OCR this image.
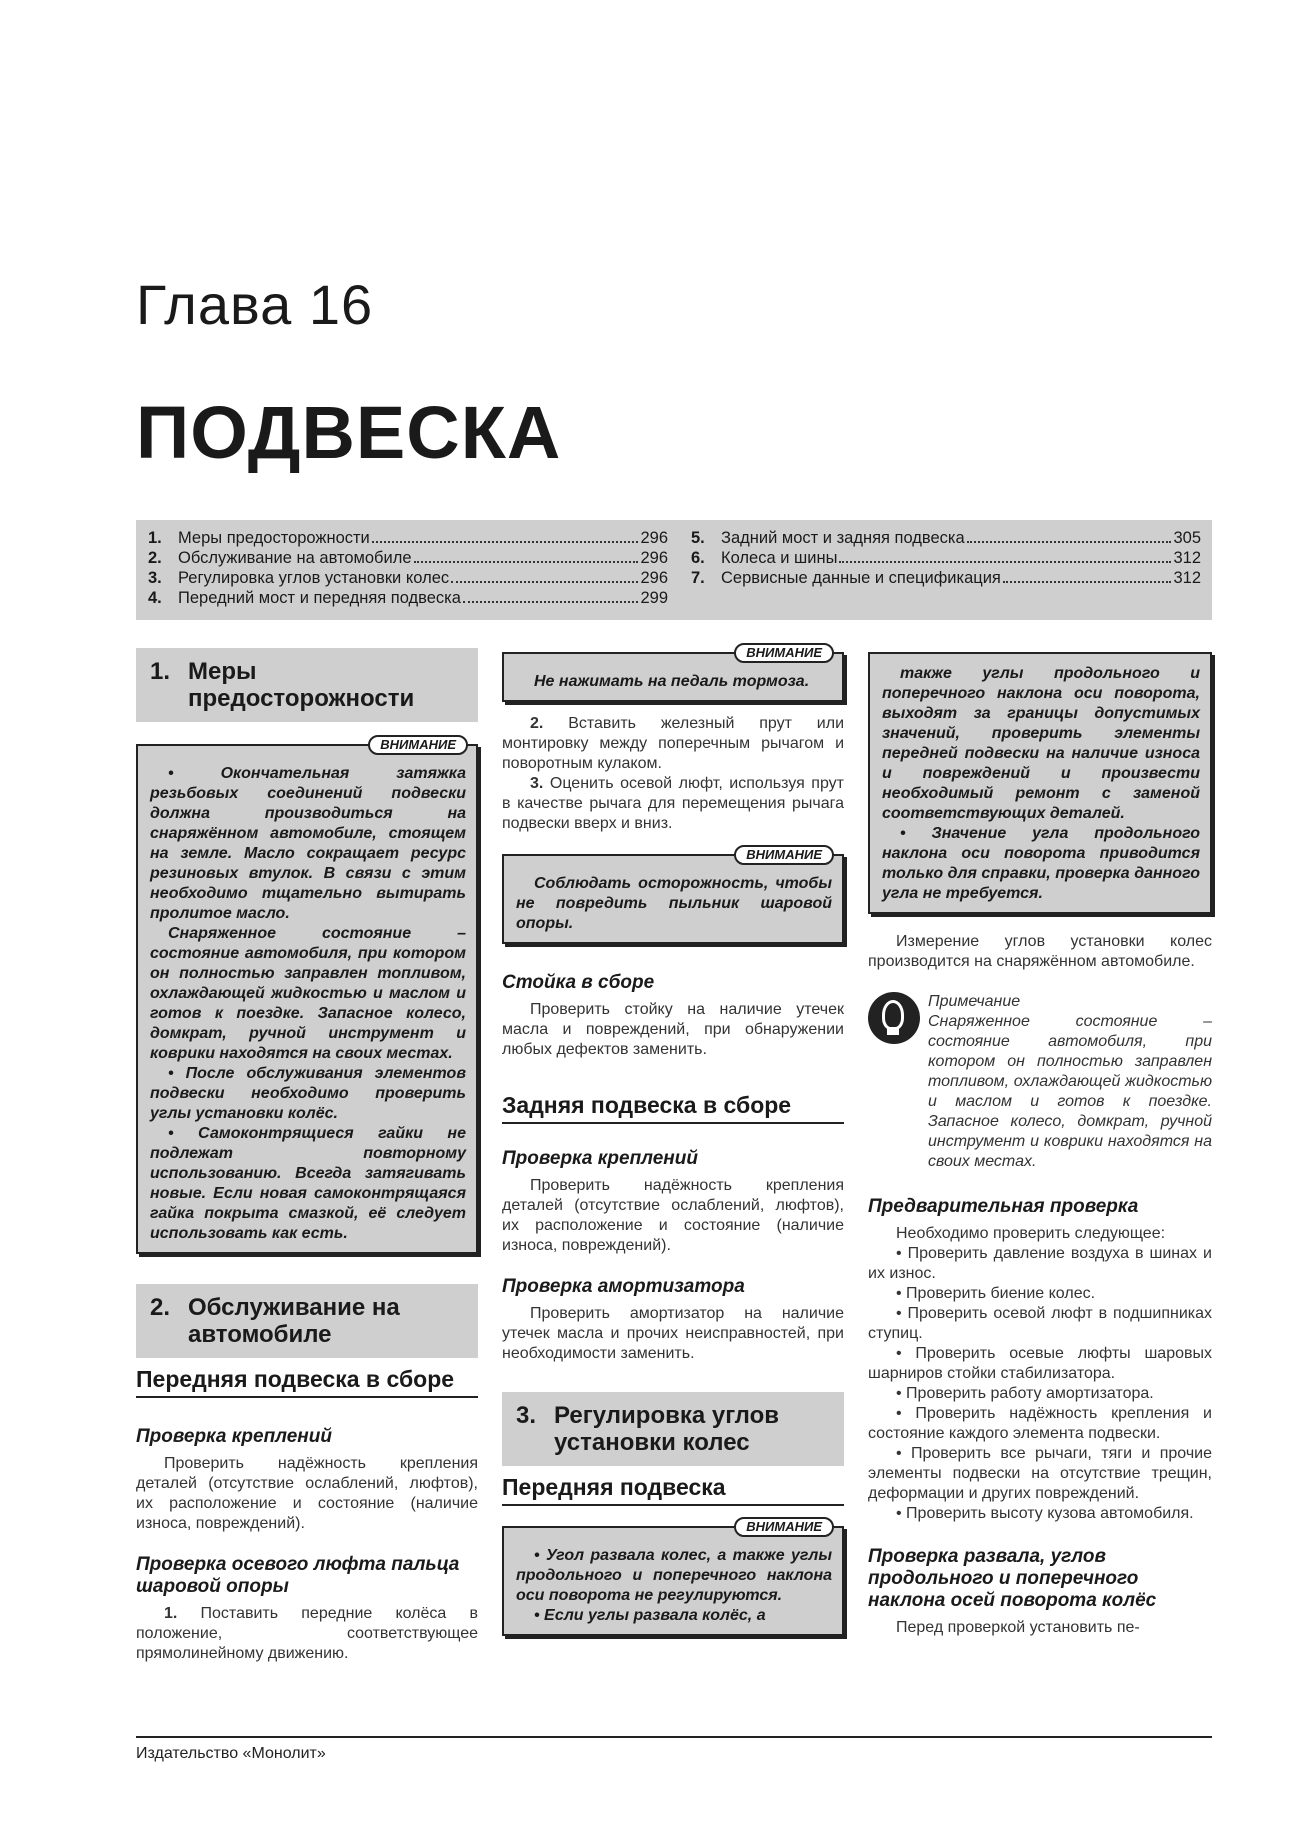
Глава 16
ПОДВЕСКА
1. Меры предосторожности	296
2. Обслуживание на автомобиле	296
3. Регулировка углов установки колес	296
4. Передний мост и передняя подвеска	299
5. Задний мост и задняя подвеска	305
6. Колеса и шины	312
7. Сервисные данные и спецификация	312
1. Меры предосторожности
ВНИМАНИЕ

• Окончательная затяжка резьбовых соединений подвески должна производиться на снаряжённом автомобиле, стоящем на земле. Масло сокращает ресурс резиновых втулок. В связи с этим необходимо тщательно вытирать пролитое масло.

Снаряженное состояние – состояние автомобиля, при котором он полностью заправлен топливом, охлаждающей жидкостью и маслом и готов к поездке. Запасное колесо, домкрат, ручной инструмент и коврики находятся на своих местах.

• После обслуживания элементов подвески необходимо проверить углы установки колёс.

• Самоконтрящиеся гайки не подлежат повторному использованию. Всегда затягивать новые. Если новая самоконтрящаяся гайка покрыта смазкой, её следует использовать как есть.

2. Обслуживание на автомобиле
Передняя подвеска в сборе
Проверка креплений

Проверить надёжность крепления деталей (отсутствие ослаблений, люфтов), их расположение и состояние (наличие износа, повреждений).

Проверка осевого люфта пальца шаровой опоры

1. Поставить передние колёса в положение, соответствующее прямолинейному движению.

ВНИМАНИЕ

Не нажимать на педаль тормоза.

2. Вставить железный прут или монтировку между поперечным рычагом и поворотным кулаком.

3. Оценить осевой люфт, используя прут в качестве рычага для перемещения рычага подвески вверх и вниз.

ВНИМАНИЕ

Соблюдать осторожность, чтобы не повредить пыльник шаровой опоры.

Стойка в сборе

Проверить стойку на наличие утечек масла и повреждений, при обнаружении любых дефектов заменить.

Задняя подвеска в сборе
Проверка креплений

Проверить надёжность крепления деталей (отсутствие ослаблений, люфтов), их расположение и состояние (наличие износа, повреждений).

Проверка амортизатора

Проверить амортизатор на наличие утечек масла и прочих неисправностей, при необходимости заменить.

3. Регулировка углов установки колес
Передняя подвеска
ВНИМАНИЕ

• Угол развала колес, а также углы продольного и поперечного наклона оси поворота не регулируются.

• Если углы развала колёс, а

также углы продольного и поперечного наклона оси поворота, выходят за границы допустимых значений, проверить элементы передней подвески на наличие износа и повреждений и произвести необходимый ремонт с заменой соответствующих деталей.

• Значение угла продольного наклона оси поворота приводится только для справки, проверка данного угла не требуется.

Измерение углов установки колес производится на снаряжённом автомобиле.

Примечание
Снаряженное состояние – состояние автомобиля, при котором он полностью заправлен топливом, охлаждающей жидкостью и маслом и готов к поездке. Запасное колесо, домкрат, ручной инструмент и коврики находятся на своих местах.
Предварительная проверка

Необходимо проверить следующее:

• Проверить давление воздуха в шинах и их износ.

• Проверить биение колес.

• Проверить осевой люфт в подшипниках ступиц.

• Проверить осевые люфты шаровых шарниров стойки стабилизатора.

• Проверить работу амортизатора.

• Проверить надёжность крепления и состояние каждого элемента подвески.

• Проверить все рычаги, тяги и прочие элементы подвески на отсутствие трещин, деформации и других повреждений.

• Проверить высоту кузова автомобиля.

Проверка развала, углов продольного и поперечного наклона осей поворота колёс

Перед проверкой установить пе-

Издательство «Монолит»
